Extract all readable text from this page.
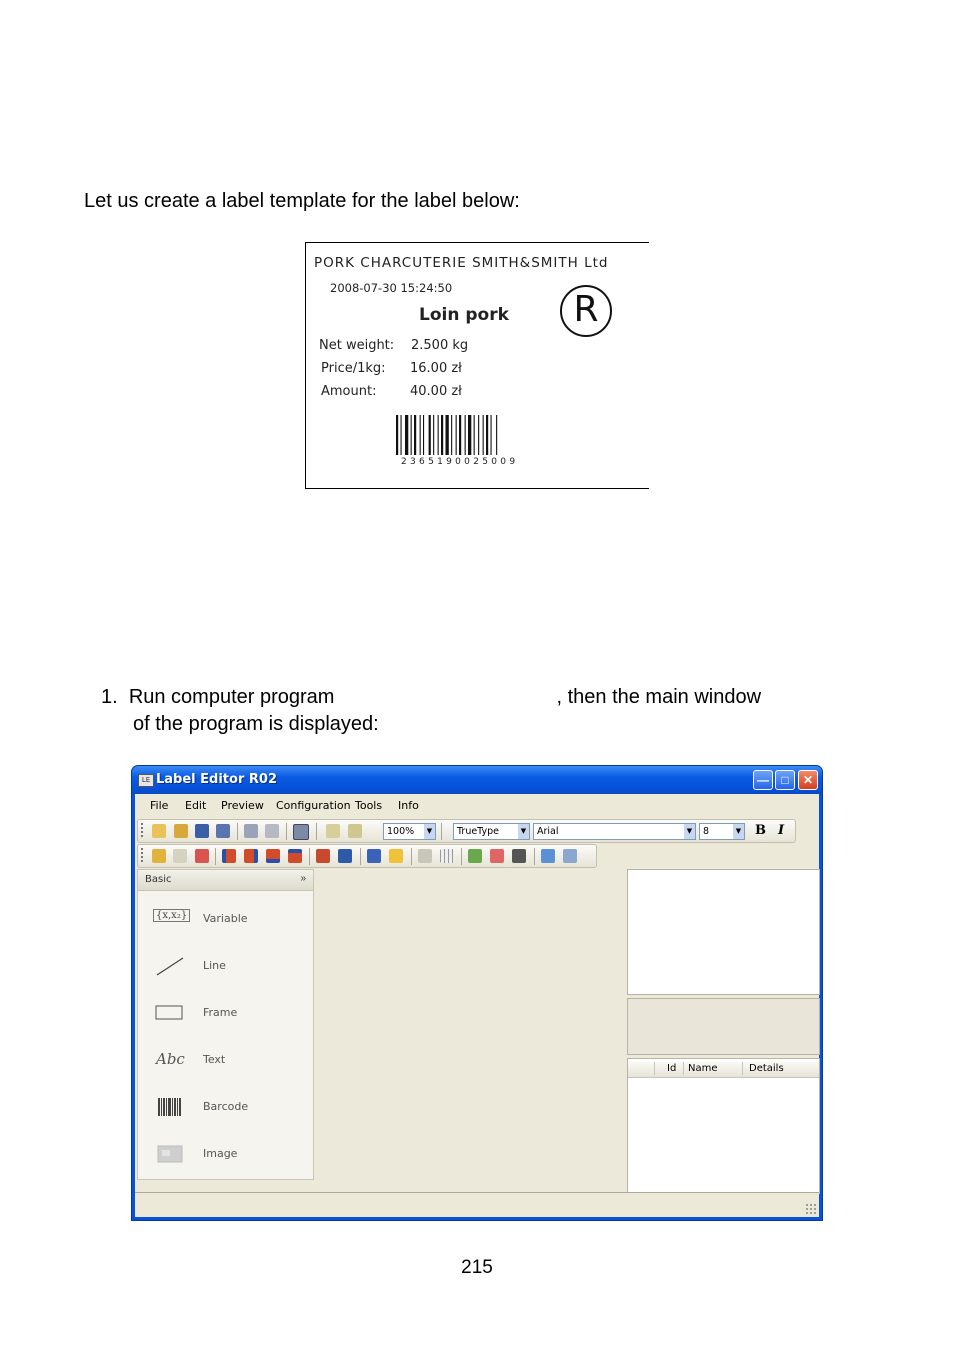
Let us create a label template for the label below:
PORK CHARCUTERIE SMITH&SMITH Ltd
2008-07-30 15:24:50
Loin pork	R
Net weight: 2.500 kg
Price/1kg: 16.00 zł
Amount:	40.00 zł
2365190025009
1. Run computer program	, then the main window
of the program is displayed:
LE Label Editor R02	—	□	✕
File Edit Preview Configuration Tools Info
100%	▼	TrueType	▼	Arial	▼	8	▼ B I
Basic	»
{x,x₂} Variable
Line
Frame
Abc Text
Barcode
Image
Id Name	Details
215
